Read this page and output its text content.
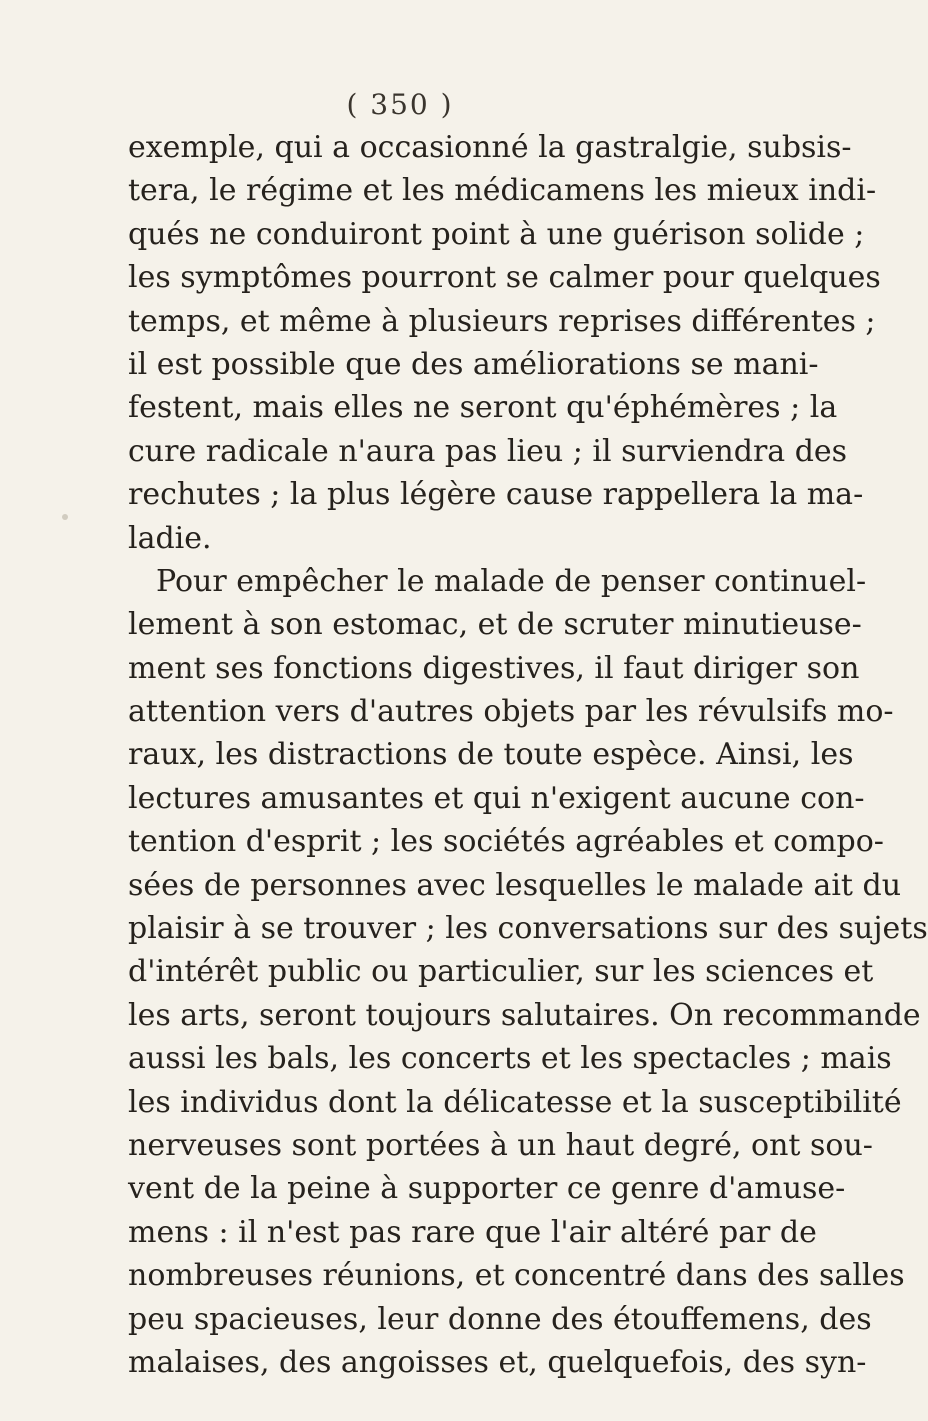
( 350 )
exemple, qui a occasionné la gastralgie, subsis-
tera, le régime et les médicamens les mieux indi-
qués ne conduiront point à une guérison solide ;
les symptômes pourront se calmer pour quelques
temps, et même à plusieurs reprises différentes ;
il est possible que des améliorations se mani-
festent, mais elles ne seront qu'éphémères ; la
cure radicale n'aura pas lieu ; il surviendra des
rechutes ; la plus légère cause rappellera la ma-
ladie.
Pour empêcher le malade de penser continuel-
lement à son estomac, et de scruter minutieuse-
ment ses fonctions digestives, il faut diriger son
attention vers d'autres objets par les révulsifs mo-
raux, les distractions de toute espèce. Ainsi, les
lectures amusantes et qui n'exigent aucune con-
tention d'esprit ; les sociétés agréables et compo-
sées de personnes avec lesquelles le malade ait du
plaisir à se trouver ; les conversations sur des sujets
d'intérêt public ou particulier, sur les sciences et
les arts, seront toujours salutaires. On recommande
aussi les bals, les concerts et les spectacles ; mais
les individus dont la délicatesse et la susceptibilité
nerveuses sont portées à un haut degré, ont sou-
vent de la peine à supporter ce genre d'amuse-
mens : il n'est pas rare que l'air altéré par de
nombreuses réunions, et concentré dans des salles
peu spacieuses, leur donne des étouffemens, des
malaises, des angoisses et, quelquefois, des syn-
